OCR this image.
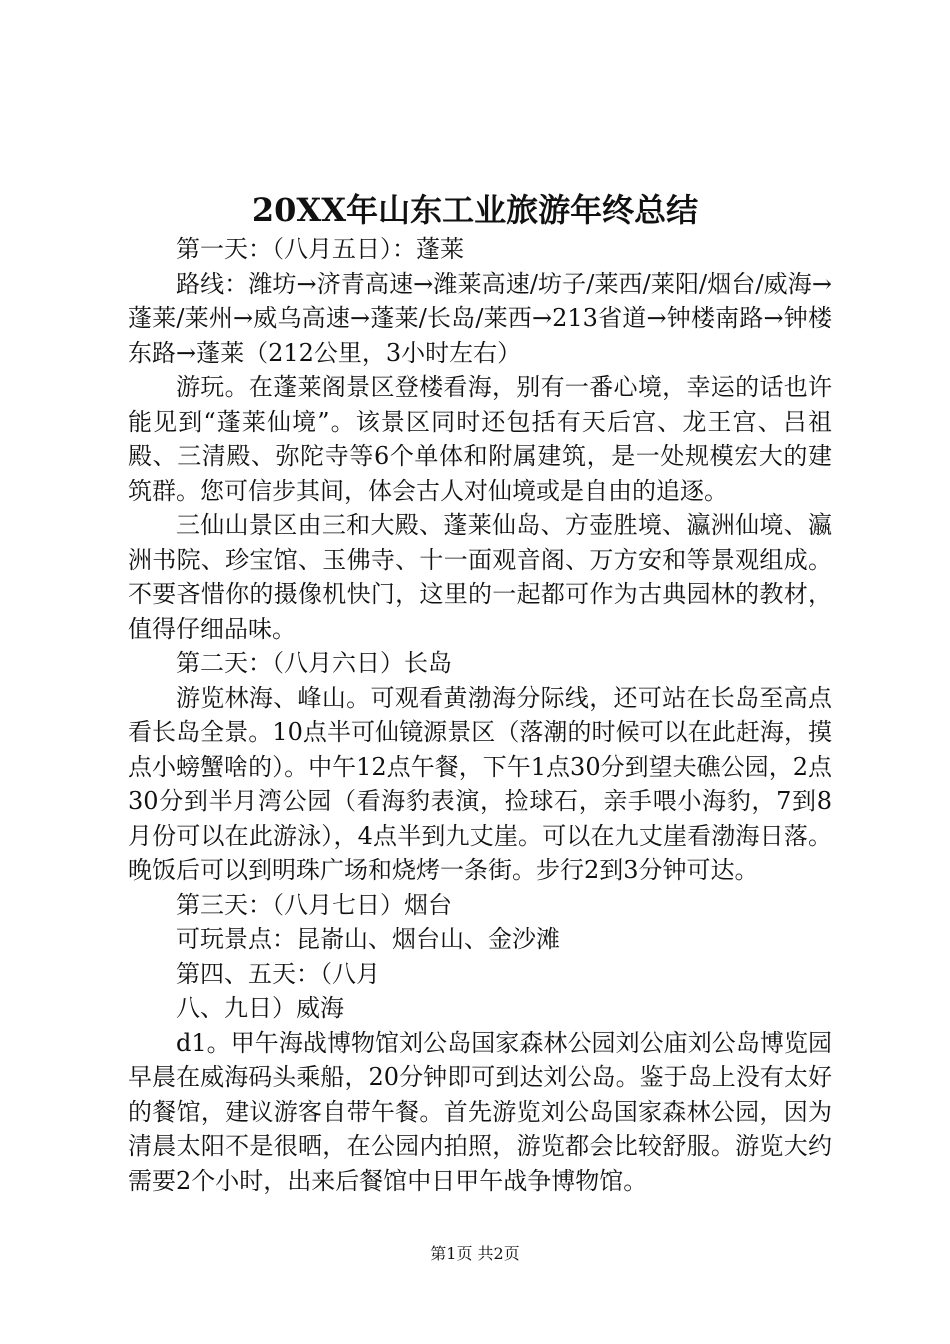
20XX年山东工业旅游年终总结

第一天：（八月五日）：蓬莱

路线：潍坊→济青高速→潍莱高速/坊子/莱西/莱阳/烟台/威海→蓬莱/莱州→威乌高速→蓬莱/长岛/莱西→213省道→钟楼南路→钟楼东路→蓬莱（212公里，3小时左右）

游玩。在蓬莱阁景区登楼看海，别有一番心境，幸运的话也许能见到“蓬莱仙境”。该景区同时还包括有天后宫、龙王宫、吕祖殿、三清殿、弥陀寺等6个单体和附属建筑，是一处规模宏大的建筑群。您可信步其间，体会古人对仙境或是自由的追逐。

三仙山景区由三和大殿、蓬莱仙岛、方壶胜境、瀛洲仙境、瀛洲书院、珍宝馆、玉佛寺、十一面观音阁、万方安和等景观组成。不要吝惜你的摄像机快门，这里的一起都可作为古典园林的教材，值得仔细品味。

第二天：（八月六日）长岛

游览林海、峰山。可观看黄渤海分际线，还可站在长岛至高点看长岛全景。10点半可仙镜源景区（落潮的时候可以在此赶海，摸点小螃蟹啥的）。中午12点午餐，下午1点30分到望夫礁公园，2点30分到半月湾公园（看海豹表演，捡球石，亲手喂小海豹，7到8月份可以在此游泳），4点半到九丈崖。可以在九丈崖看渤海日落。晚饭后可以到明珠广场和烧烤一条街。步行2到3分钟可达。

第三天：（八月七日）烟台

可玩景点：昆嵛山、烟台山、金沙滩

第四、五天：（八月

八、九日）威海

d1。甲午海战博物馆刘公岛国家森林公园刘公庙刘公岛博览园早晨在威海码头乘船，20分钟即可到达刘公岛。鉴于岛上没有太好的餐馆，建议游客自带午餐。首先游览刘公岛国家森林公园，因为清晨太阳不是很晒，在公园内拍照，游览都会比较舒服。游览大约需要2个小时，出来后餐馆中日甲午战争博物馆。

第1页 共2页
